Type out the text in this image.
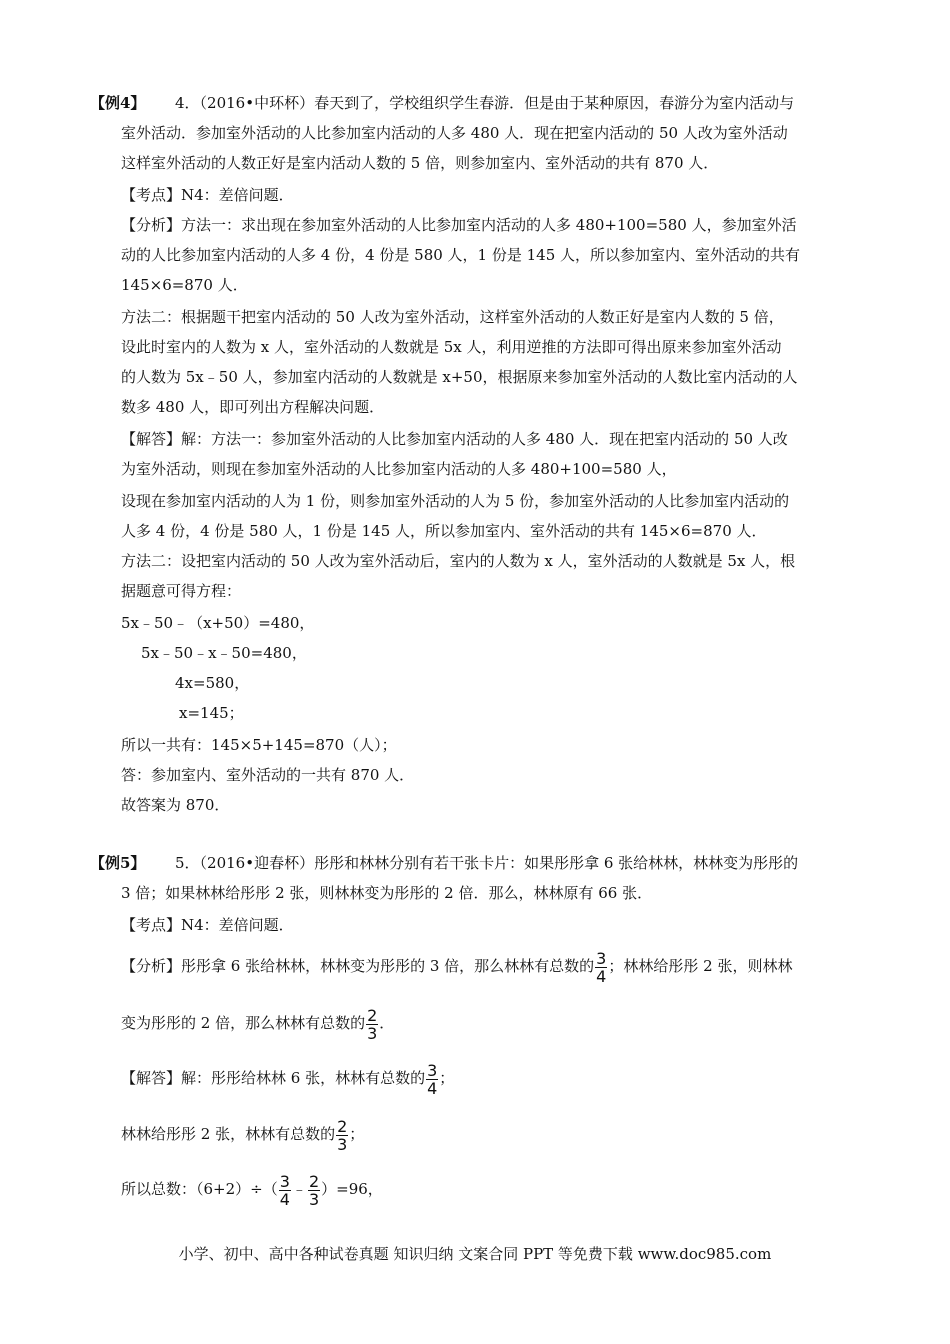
【例4】 4．（2016•中环杯）春天到了，学校组织学生春游．但是由于某种原因，春游分为室内活动与
室外活动．参加室外活动的人比参加室内活动的人多 480 人．现在把室内活动的 50 人改为室外活动
这样室外活动的人数正好是室内活动人数的 5 倍，则参加室内、室外活动的共有 870 人．
【考点】N4：差倍问题．
【分析】方法一：求出现在参加室外活动的人比参加室内活动的人多 480+100=580 人，参加室外活
动的人比参加室内活动的人多 4 份，4 份是 580 人，1 份是 145 人，所以参加室内、室外活动的共有
145×6=870 人．
方法二：根据题干把室内活动的 50 人改为室外活动，这样室外活动的人数正好是室内人数的 5 倍，
设此时室内的人数为 x 人，室外活动的人数就是 5x 人，利用逆推的方法即可得出原来参加室外活动
的人数为 5x﹣50 人，参加室内活动的人数就是 x+50，根据原来参加室外活动的人数比室内活动的人
数多 480 人，即可列出方程解决问题．
【解答】解：方法一：参加室外活动的人比参加室内活动的人多 480 人．现在把室内活动的 50 人改
为室外活动，则现在参加室外活动的人比参加室内活动的人多 480+100=580 人，
设现在参加室内活动的人为 1 份，则参加室外活动的人为 5 份，参加室外活动的人比参加室内活动的
人多 4 份，4 份是 580 人，1 份是 145 人，所以参加室内、室外活动的共有 145×6=870 人．
方法二：设把室内活动的 50 人改为室外活动后，室内的人数为 x 人，室外活动的人数就是 5x 人，根
据题意可得方程：
5x﹣50﹣（x+50）=480，
5x﹣50﹣x﹣50=480，
4x=580，
x=145；
所以一共有：145×5+145=870（人）；
答：参加室内、室外活动的一共有 870 人．
故答案为 870．
【例5】 5．（2016•迎春杯）彤彤和林林分别有若干张卡片：如果彤彤拿 6 张给林林，林林变为彤彤的
3 倍；如果林林给彤彤 2 张，则林林变为彤彤的 2 倍．那么，林林原有 66 张．
【考点】N4：差倍问题．
【分析】彤彤拿 6 张给林林，林林变为彤彤的 3 倍，那么林林有总数的 $\frac{3}{4}$ ；林林给彤彤 2 张，则林林
变为彤彤的 2 倍，那么林林有总数的 $\frac{2}{3}$ ．
【解答】解：彤彤给林林 6 张，林林有总数的 $\frac{3}{4}$ ；
林林给彤彤 2 张，林林有总数的 $\frac{2}{3}$ ；
所以总数：$(6+2)\div( \frac{3}{4}$ ﹣ $\frac{2}{3} )=96$，
小学、初中、高中各种试卷真题 知识归纳 文案合同 PPT 等免费下载 www.doc985.com
